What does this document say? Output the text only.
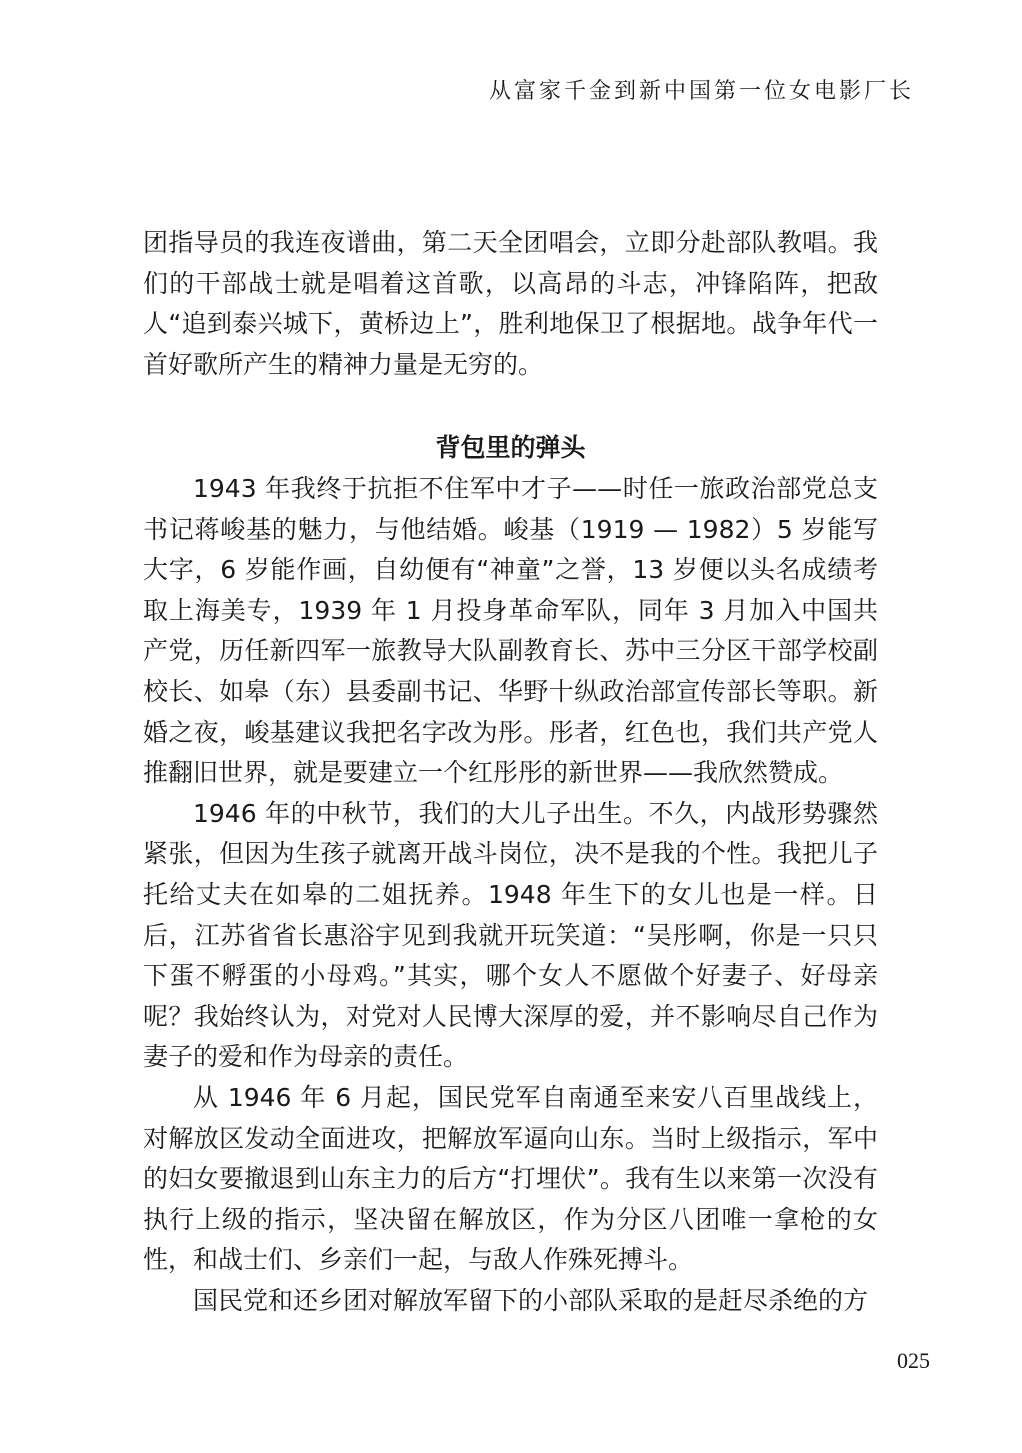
从富家千金到新中国第一位女电影厂长

团指导员的我连夜谱曲，第二天全团唱会，立即分赴部队教唱。我们的干部战士就是唱着这首歌，以高昂的斗志，冲锋陷阵，把敌人“追到泰兴城下，黄桥边上”，胜利地保卫了根据地。战争年代一首好歌所产生的精神力量是无穷的。

背包里的弹头

1943 年我终于抗拒不住军中才子——时任一旅政治部党总支书记蒋峻基的魅力，与他结婚。峻基（1919 — 1982）5 岁能写大字，6 岁能作画，自幼便有“神童”之誉，13 岁便以头名成绩考取上海美专，1939 年 1 月投身革命军队，同年 3 月加入中国共产党，历任新四军一旅教导大队副教育长、苏中三分区干部学校副校长、如皋（东）县委副书记、华野十纵政治部宣传部长等职。新婚之夜，峻基建议我把名字改为彤。彤者，红色也，我们共产党人推翻旧世界，就是要建立一个红彤彤的新世界——我欣然赞成。

1946 年的中秋节，我们的大儿子出生。不久，内战形势骤然紧张，但因为生孩子就离开战斗岗位，决不是我的个性。我把儿子托给丈夫在如皋的二姐抚养。1948 年生下的女儿也是一样。日后，江苏省省长惠浴宇见到我就开玩笑道：“吴彤啊，你是一只只下蛋不孵蛋的小母鸡。”其实，哪个女人不愿做个好妻子、好母亲呢？我始终认为，对党对人民博大深厚的爱，并不影响尽自己作为妻子的爱和作为母亲的责任。

从 1946 年 6 月起，国民党军自南通至来安八百里战线上，对解放区发动全面进攻，把解放军逼向山东。当时上级指示，军中的妇女要撤退到山东主力的后方“打埋伏”。我有生以来第一次没有执行上级的指示，坚决留在解放区，作为分区八团唯一拿枪的女性，和战士们、乡亲们一起，与敌人作殊死搏斗。

国民党和还乡团对解放军留下的小部队采取的是赶尽杀绝的方

025
